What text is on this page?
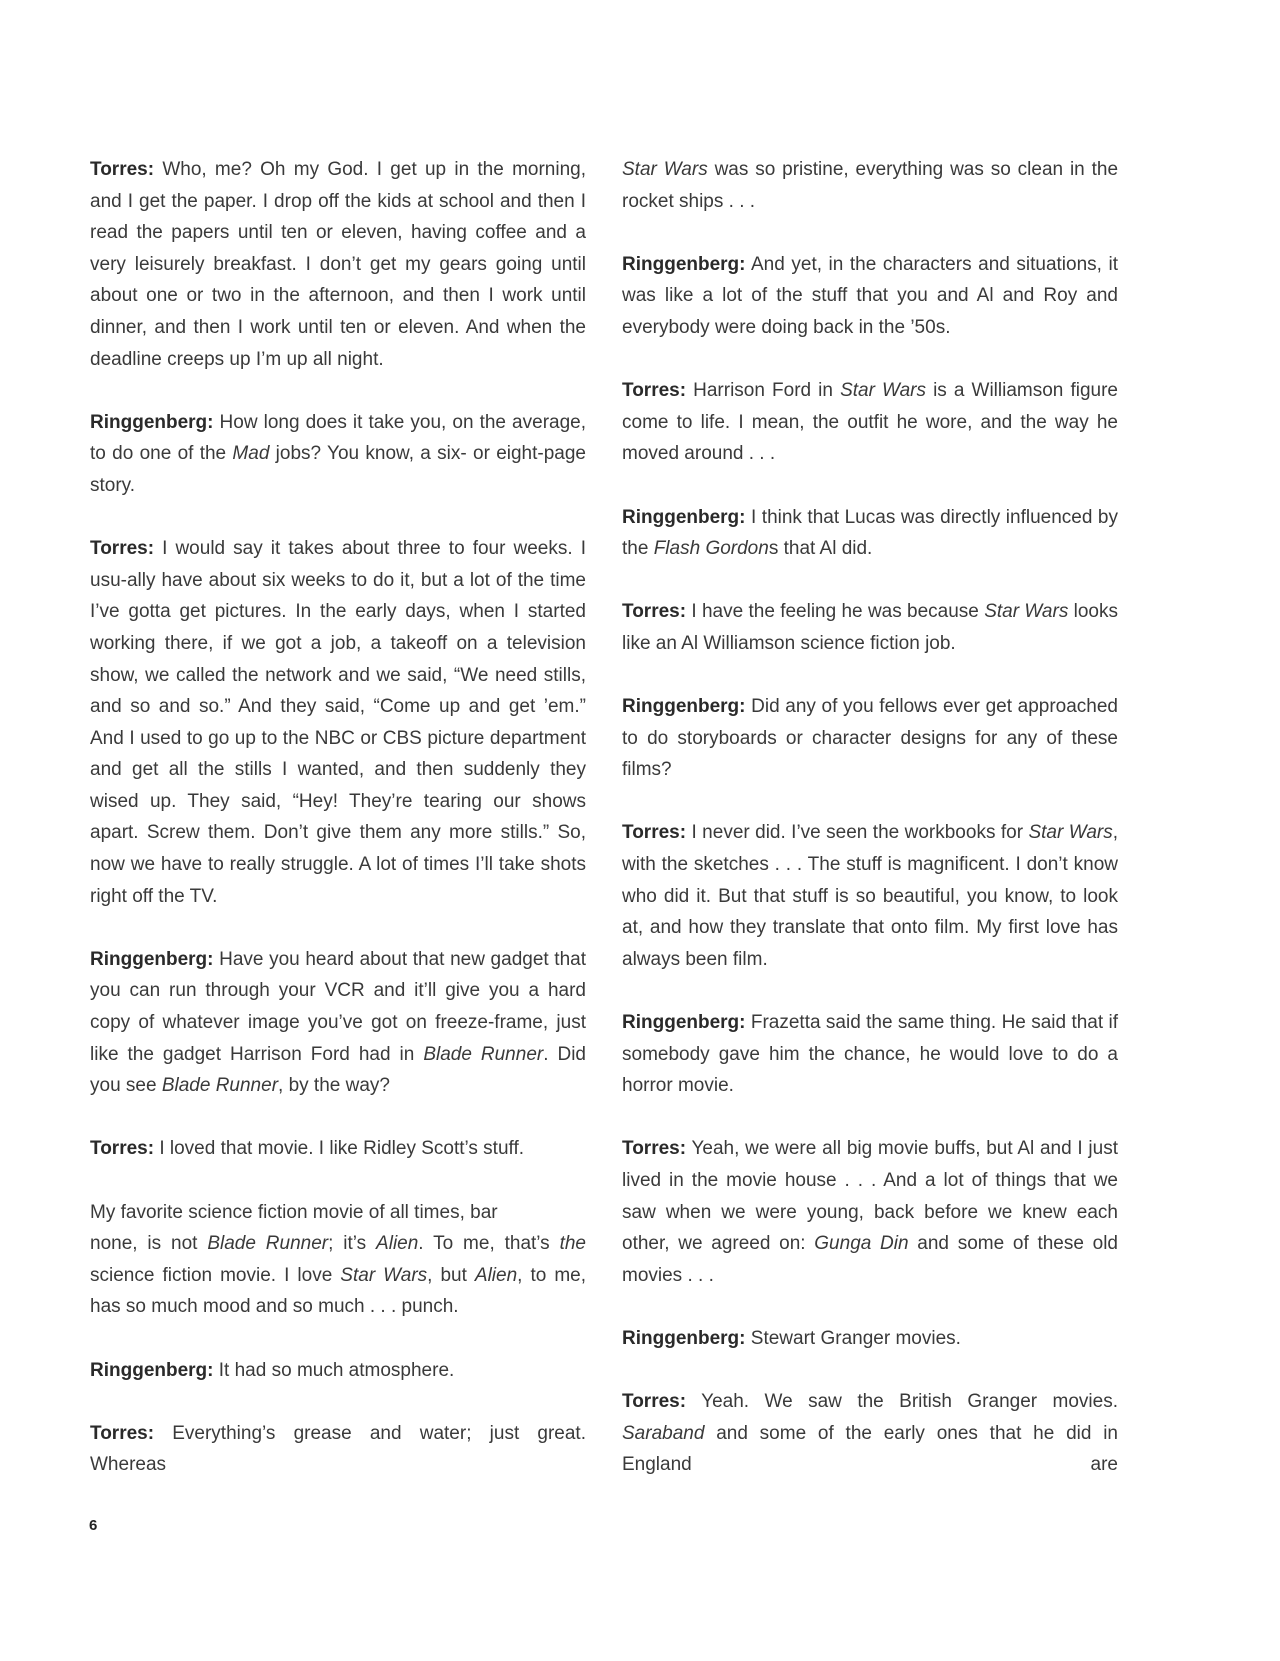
Torres: Who, me? Oh my God. I get up in the morning, and I get the paper. I drop off the kids at school and then I read the papers until ten or eleven, having coffee and a very leisurely breakfast. I don’t get my gears going until about one or two in the afternoon, and then I work until dinner, and then I work until ten or eleven. And when the deadline creeps up I’m up all night.

Ringgenberg: How long does it take you, on the average, to do one of the Mad jobs? You know, a six- or eight-page story.

Torres: I would say it takes about three to four weeks. I usu-ally have about six weeks to do it, but a lot of the time I’ve gotta get pictures. In the early days, when I started working there, if we got a job, a takeoff on a television show, we called the network and we said, “We need stills, and so and so.” And they said, “Come up and get ’em.” And I used to go up to the NBC or CBS picture department and get all the stills I wanted, and then suddenly they wised up. They said, “Hey! They’re tearing our shows apart. Screw them. Don’t give them any more stills.” So, now we have to really struggle. A lot of times I’ll take shots right off the TV.

Ringgenberg: Have you heard about that new gadget that you can run through your VCR and it’ll give you a hard copy of whatever image you’ve got on freeze-frame, just like the gadget Harrison Ford had in Blade Runner. Did you see Blade Runner, by the way?

Torres: I loved that movie. I like Ridley Scott’s stuff.

My favorite science fiction movie of all times, bar
none, is not Blade Runner; it’s Alien. To me, that’s the science fiction movie. I love Star Wars, but Alien, to me, has so much mood and so much . . . punch.

Ringgenberg: It had so much atmosphere.

Torres: Everything’s grease and water; just great. Whereas

Star Wars was so pristine, everything was so clean in the rocket ships . . .

Ringgenberg: And yet, in the characters and situations, it was like a lot of the stuff that you and Al and Roy and everybody were doing back in the ’50s.

Torres: Harrison Ford in Star Wars is a Williamson figure come to life. I mean, the outfit he wore, and the way he moved around . . .

Ringgenberg: I think that Lucas was directly influenced by the Flash Gordons that Al did.

Torres: I have the feeling he was because Star Wars looks like an Al Williamson science fiction job.

Ringgenberg: Did any of you fellows ever get approached to do storyboards or character designs for any of these films?

Torres: I never did. I’ve seen the workbooks for Star Wars, with the sketches . . . The stuff is magnificent. I don’t know who did it. But that stuff is so beautiful, you know, to look at, and how they translate that onto film. My first love has always been film.

Ringgenberg: Frazetta said the same thing. He said that if somebody gave him the chance, he would love to do a horror movie.

Torres: Yeah, we were all big movie buffs, but Al and I just lived in the movie house . . . And a lot of things that we saw when we were young, back before we knew each other, we agreed on: Gunga Din and some of these old movies . . .

Ringgenberg: Stewart Granger movies.

Torres: Yeah. We saw the British Granger movies. Saraband and some of the early ones that he did in England are

6
